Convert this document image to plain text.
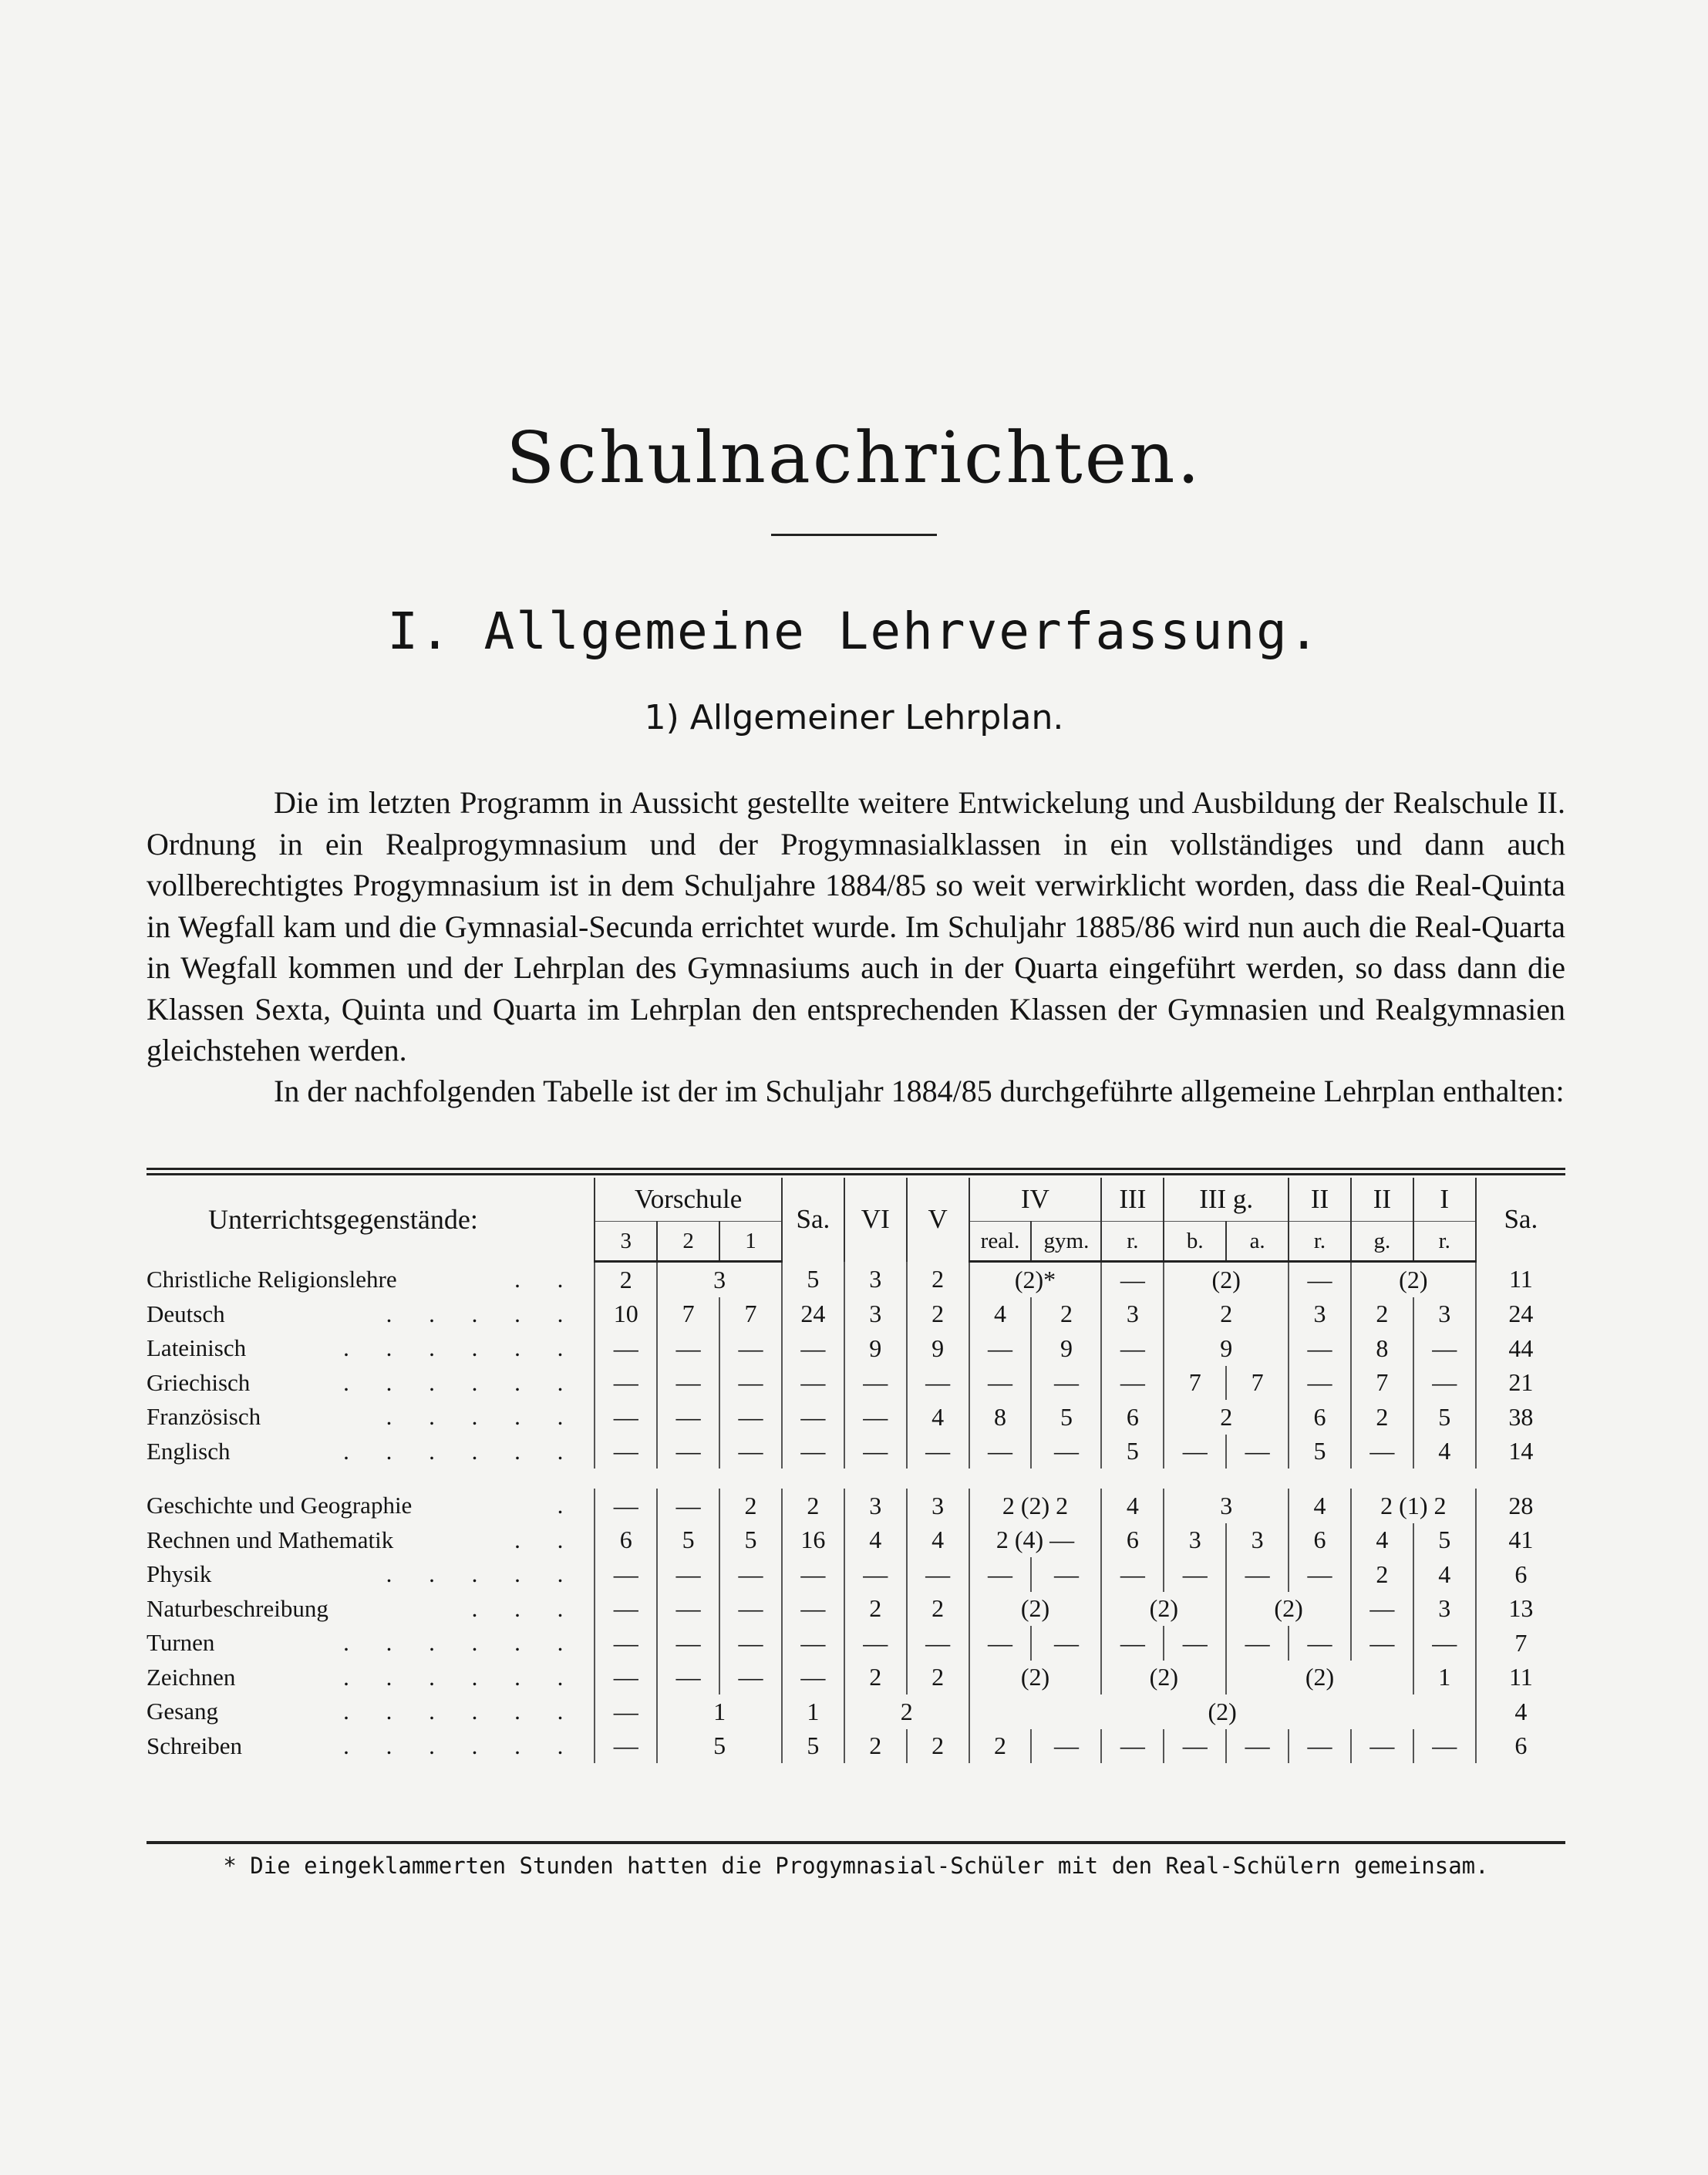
Schulnachrichten.
I. Allgemeine Lehrverfassung.
1) Allgemeiner Lehrplan.

Die im letzten Programm in Aussicht gestellte weitere Entwickelung und Ausbildung der Realschule II. Ordnung in ein Realprogymnasium und der Progymnasialklassen in ein vollständiges und dann auch vollberechtigtes Progymnasium ist in dem Schuljahre 1884/85 so weit verwirklicht worden, dass die Real-Quinta in Wegfall kam und die Gymnasial-Secunda errichtet wurde. Im Schuljahr 1885/86 wird nun auch die Real-Quarta in Wegfall kommen und der Lehrplan des Gymnasiums auch in der Quarta eingeführt werden, so dass dann die Klassen Sexta, Quinta und Quarta im Lehrplan den entsprechenden Klassen der Gymnasien und Realgymnasien gleichstehen werden.

In der nachfolgenden Tabelle ist der im Schuljahr 1884/85 durchgeführte allgemeine Lehrplan enthalten:

Unterrichtsgegenstände:	Vorschule			Sa.	VI	V	IV		III	III g.		II	II	I	Sa.
	3	2	1				real.	gym.	r.	b.	a.	r.	g.	r.	
Christliche Religionslehre . .	2	3		5	3	2	(2)*		—	(2)		—	(2)		11
Deutsch . . . . .	10	7	7	24	3	2	4	2	3	2		3	2	3	24
Lateinisch . . . . . .	—	—	—	—	9	9	—	9	—	9		—	8	—	44
Griechisch . . . . . .	—	—	—	—	—	—	—	—	—	7	7	—	7	—	21
Französisch . . . . .	—	—	—	—	—	4	8	5	6	2		6	2	5	38
Englisch . . . . . .	—	—	—	—	—	—	—	—	5	—	—	5	—	4	14

Geschichte und Geographie .	—	—	2	2	3	3	2 (2) 2		4	3		4	2 (1) 2		28
Rechnen und Mathematik . .	6	5	5	16	4	4	2 (4) —		6	3	3	6	4	5	41
Physik . . . . .	—	—	—	—	—	—	—	—	—	—	—	—	2	4	6
Naturbeschreibung . . .	—	—	—	—	2	2	(2)		(2)		(2)		—	3	13
Turnen . . . . . .	—	—	—	—	—	—	—	—	—	—	—	—	—	—	7
Zeichnen . . . . . .	—	—	—	—	2	2	(2)		(2)		(2)			1	11
Gesang . . . . . .	—	1		1	2		(2)								4
Schreiben . . . . . .	—	5		5	2	2	2	—	—	—	—	—	—	—	6
* Die eingeklammerten Stunden hatten die Progymnasial-Schüler mit den Real-Schülern gemeinsam.
